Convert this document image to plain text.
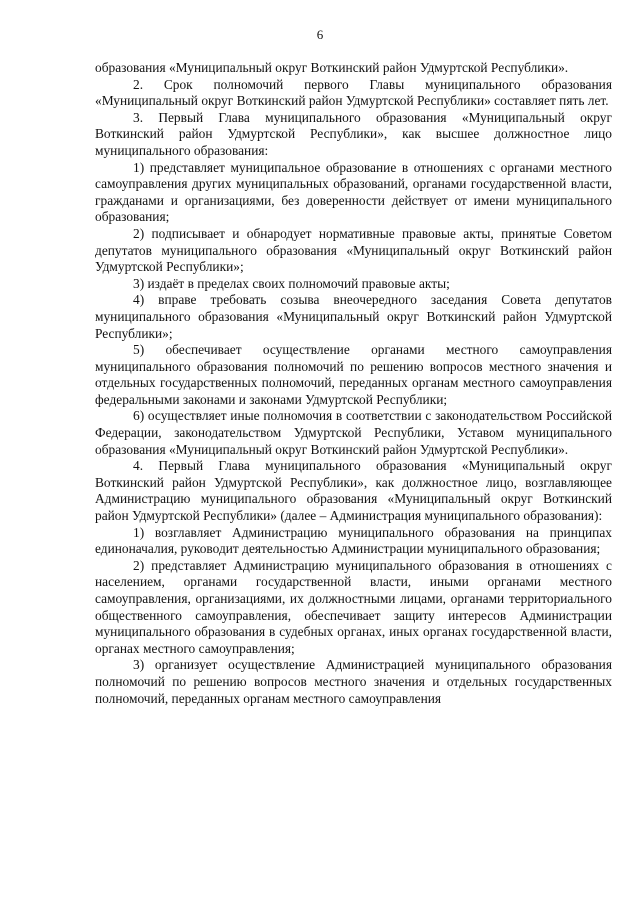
6

образования «Муниципальный округ Воткинский район Удмуртской Республики».

2. Срок полномочий первого Главы муниципального образования «Муниципальный округ Воткинский район Удмуртской Республики» составляет пять лет.

3. Первый Глава муниципального образования «Муниципальный округ Воткинский район Удмуртской Республики», как высшее должностное лицо муниципального образования:

1) представляет муниципальное образование в отношениях с органами местного самоуправления других муниципальных образований, органами государственной власти, гражданами и организациями, без доверенности действует от имени муниципального образования;

2) подписывает и обнародует нормативные правовые акты, принятые Советом депутатов муниципального образования «Муниципальный округ Воткинский район Удмуртской Республики»;

3) издаёт в пределах своих полномочий правовые акты;

4) вправе требовать созыва внеочередного заседания Совета депутатов муниципального образования «Муниципальный округ Воткинский район Удмуртской Республики»;

5) обеспечивает осуществление органами местного самоуправления муниципального образования полномочий по решению вопросов местного значения и отдельных государственных полномочий, переданных органам местного самоуправления федеральными законами и законами Удмуртской Республики;

6) осуществляет иные полномочия в соответствии с законодательством Российской Федерации, законодательством Удмуртской Республики, Уставом муниципального образования «Муниципальный округ Воткинский район Удмуртской Республики».

4. Первый Глава муниципального образования «Муниципальный округ Воткинский район Удмуртской Республики», как должностное лицо, возглавляющее Администрацию муниципального образования «Муниципальный округ Воткинский район Удмуртской Республики» (далее – Администрация муниципального образования):

1) возглавляет Администрацию муниципального образования на принципах единоначалия, руководит деятельностью Администрации муниципального образования;

2) представляет Администрацию муниципального образования в отношениях с населением, органами государственной власти, иными органами местного самоуправления, организациями, их должностными лицами, органами территориального общественного самоуправления, обеспечивает защиту интересов Администрации муниципального образования в судебных органах, иных органах государственной власти, органах местного самоуправления;

3) организует осуществление Администрацией муниципального образования полномочий по решению вопросов местного значения и отдельных государственных полномочий, переданных органам местного самоуправления
